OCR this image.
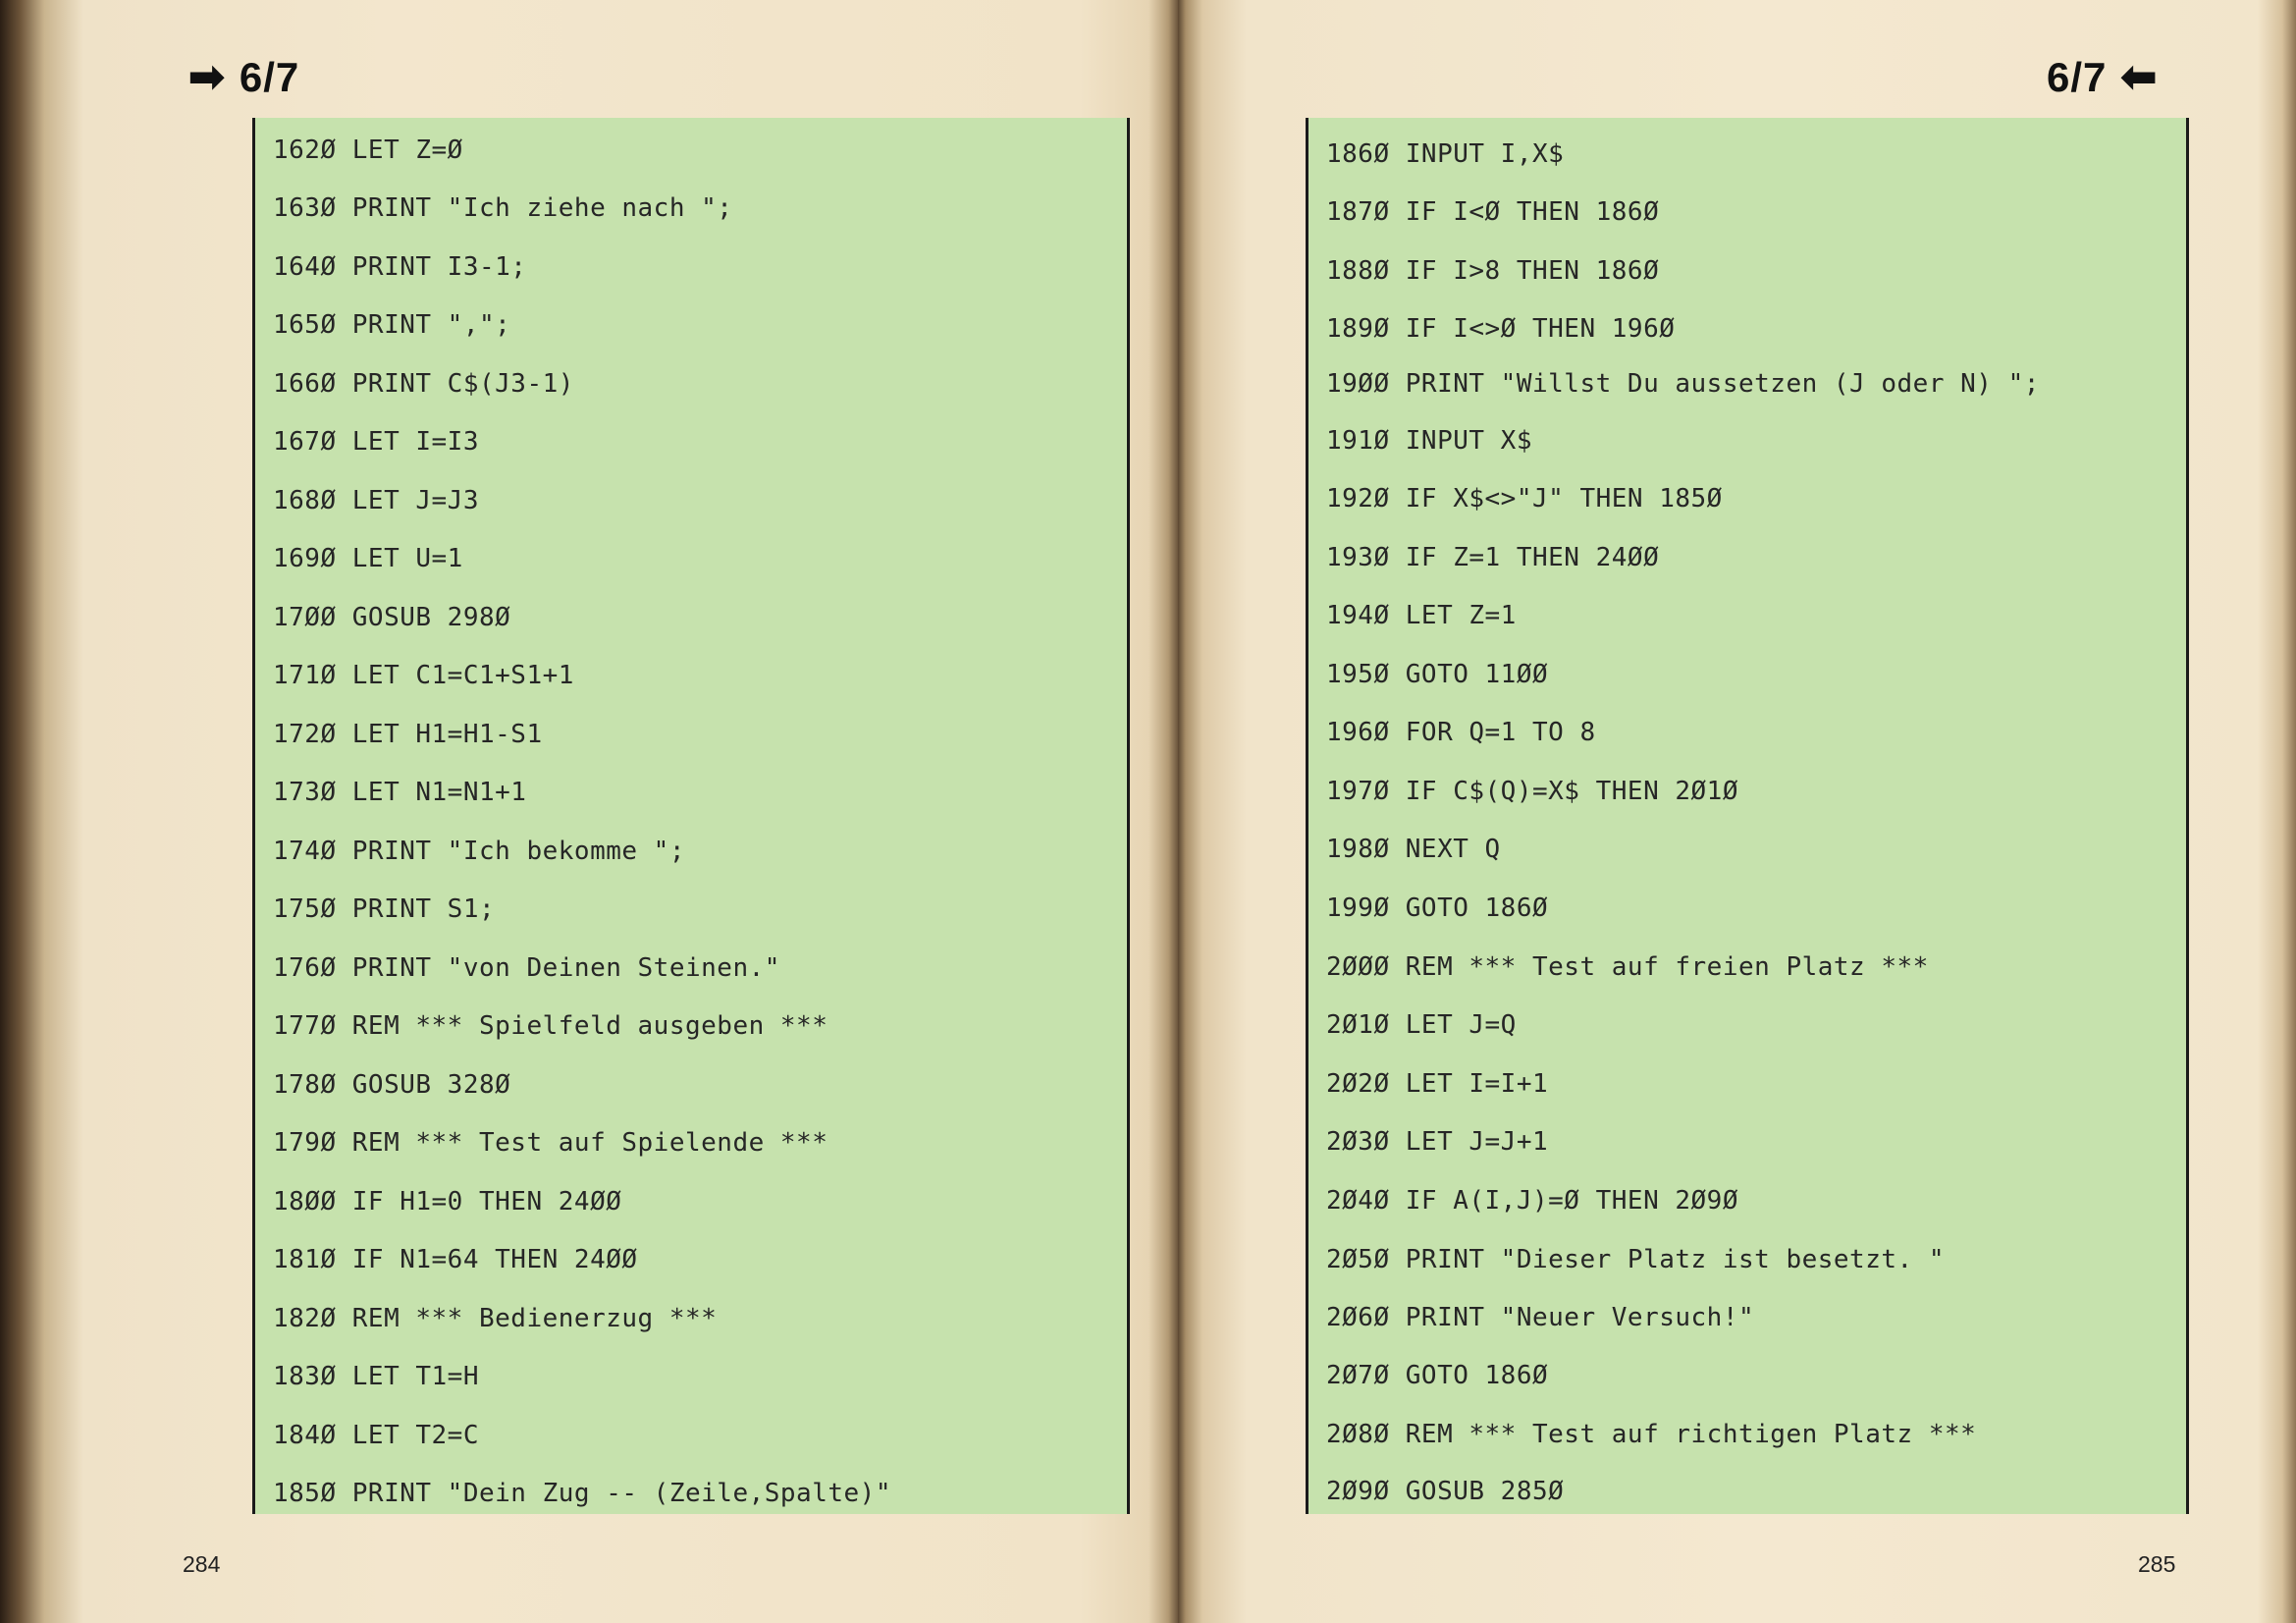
➡ 6/7
284	285
6/7 ⬅
162Ø LET Z=Ø
163Ø PRINT "Ich ziehe nach ";
164Ø PRINT I3-1;
165Ø PRINT ",";
166Ø PRINT C$(J3-1)
167Ø LET I=I3
168Ø LET J=J3
169Ø LET U=1
17ØØ GOSUB 298Ø
171Ø LET C1=C1+S1+1
172Ø LET H1=H1-S1
173Ø LET N1=N1+1
174Ø PRINT "Ich bekomme ";
175Ø PRINT S1;
176Ø PRINT "von Deinen Steinen."
177Ø REM *** Spielfeld ausgeben ***
178Ø GOSUB 328Ø
179Ø REM *** Test auf Spielende ***
18ØØ IF H1=0 THEN 24ØØ
181Ø IF N1=64 THEN 24ØØ
182Ø REM *** Bedienerzug ***
183Ø LET T1=H
184Ø LET T2=C
185Ø PRINT "Dein Zug -- (Zeile,Spalte)"
186Ø INPUT I,X$
187Ø IF I<Ø THEN 186Ø
188Ø IF I>8 THEN 186Ø
189Ø IF I<>Ø THEN 196Ø
19ØØ PRINT "Willst Du aussetzen (J oder N) ";
191Ø INPUT X$
192Ø IF X$<>"J" THEN 185Ø
193Ø IF Z=1 THEN 24ØØ
194Ø LET Z=1
195Ø GOTO 11ØØ
196Ø FOR Q=1 TO 8
197Ø IF C$(Q)=X$ THEN 2Ø1Ø
198Ø NEXT Q
199Ø GOTO 186Ø
2ØØØ REM *** Test auf freien Platz ***
2Ø1Ø LET J=Q
2Ø2Ø LET I=I+1
2Ø3Ø LET J=J+1
2Ø4Ø IF A(I,J)=Ø THEN 2Ø9Ø
2Ø5Ø PRINT "Dieser Platz ist besetzt. "
2Ø6Ø PRINT "Neuer Versuch!"
2Ø7Ø GOTO 186Ø
2Ø8Ø REM *** Test auf richtigen Platz ***
2Ø9Ø GOSUB 285Ø
